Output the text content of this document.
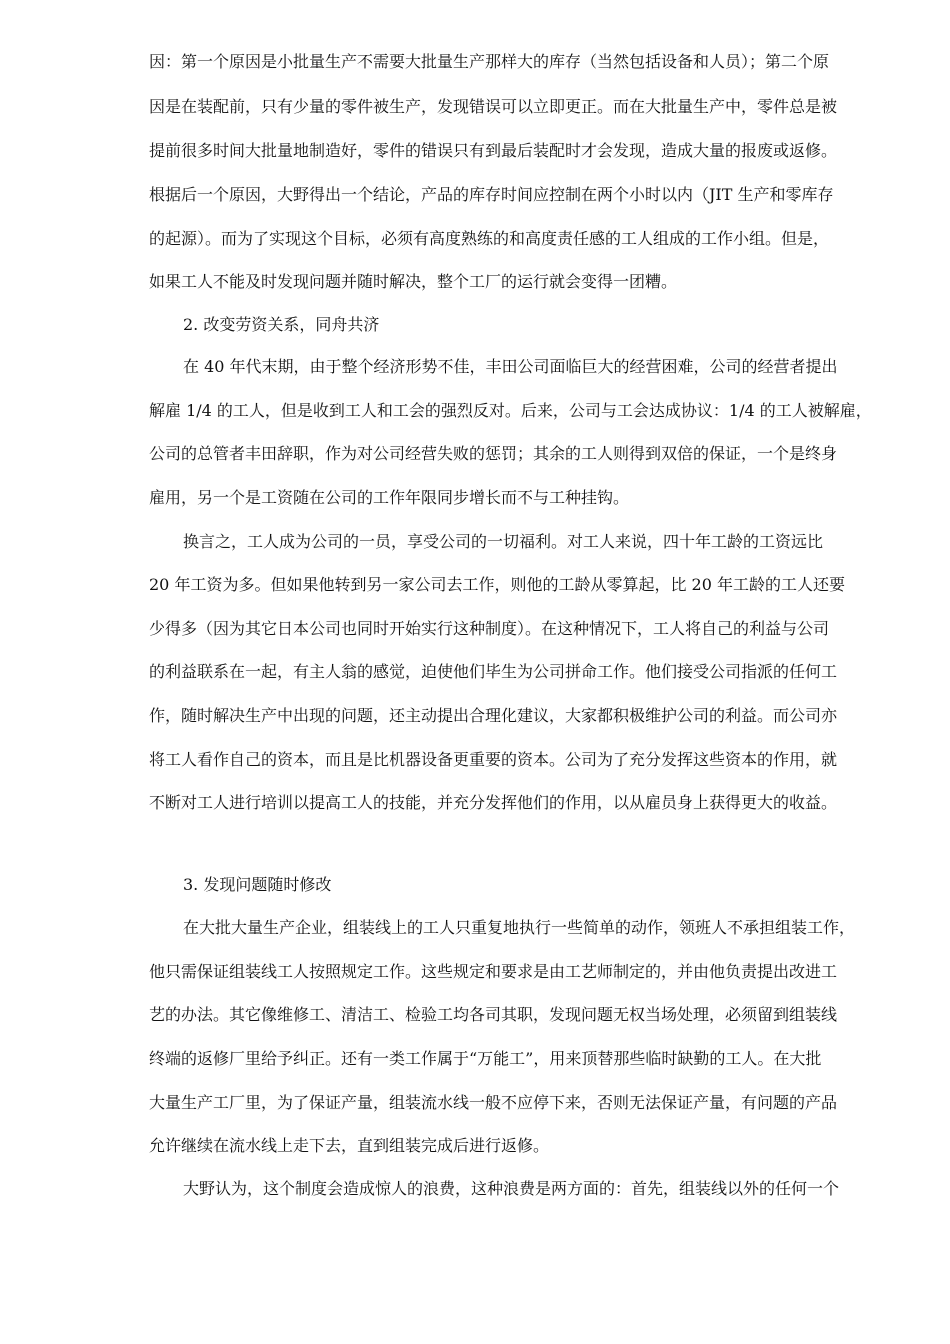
因：第一个原因是小批量生产不需要大批量生产那样大的库存（当然包括设备和人员）；第二个原
因是在装配前，只有少量的零件被生产，发现错误可以立即更正。而在大批量生产中，零件总是被
提前很多时间大批量地制造好，零件的错误只有到最后装配时才会发现，造成大量的报废或返修。
根据后一个原因，大野得出一个结论，产品的库存时间应控制在两个小时以内（JIT 生产和零库存
的起源）。而为了实现这个目标，必须有高度熟练的和高度责任感的工人组成的工作小组。但是，
如果工人不能及时发现问题并随时解决，整个工厂的运行就会变得一团糟。
2. 改变劳资关系，同舟共济
在 40 年代末期，由于整个经济形势不佳，丰田公司面临巨大的经营困难，公司的经营者提出
解雇 1/4 的工人，但是收到工人和工会的强烈反对。后来，公司与工会达成协议：1/4 的工人被解雇，
公司的总管者丰田辞职，作为对公司经营失败的惩罚；其余的工人则得到双倍的保证，一个是终身
雇用，另一个是工资随在公司的工作年限同步增长而不与工种挂钩。
换言之，工人成为公司的一员，享受公司的一切福利。对工人来说，四十年工龄的工资远比
20 年工资为多。但如果他转到另一家公司去工作，则他的工龄从零算起，比 20 年工龄的工人还要
少得多（因为其它日本公司也同时开始实行这种制度）。在这种情况下，工人将自己的利益与公司
的利益联系在一起，有主人翁的感觉，迫使他们毕生为公司拼命工作。他们接受公司指派的任何工
作，随时解决生产中出现的问题，还主动提出合理化建议，大家都积极维护公司的利益。而公司亦
将工人看作自己的资本，而且是比机器设备更重要的资本。公司为了充分发挥这些资本的作用，就
不断对工人进行培训以提高工人的技能，并充分发挥他们的作用，以从雇员身上获得更大的收益。
3. 发现问题随时修改
在大批大量生产企业，组装线上的工人只重复地执行一些简单的动作，领班人不承担组装工作，
他只需保证组装线工人按照规定工作。这些规定和要求是由工艺师制定的，并由他负责提出改进工
艺的办法。其它像维修工、清洁工、检验工均各司其职，发现问题无权当场处理，必须留到组装线
终端的返修厂里给予纠正。还有一类工作属于“万能工”，用来顶替那些临时缺勤的工人。在大批
大量生产工厂里，为了保证产量，组装流水线一般不应停下来，否则无法保证产量，有问题的产品
允许继续在流水线上走下去，直到组装完成后进行返修。
大野认为，这个制度会造成惊人的浪费，这种浪费是两方面的：首先，组装线以外的任何一个
